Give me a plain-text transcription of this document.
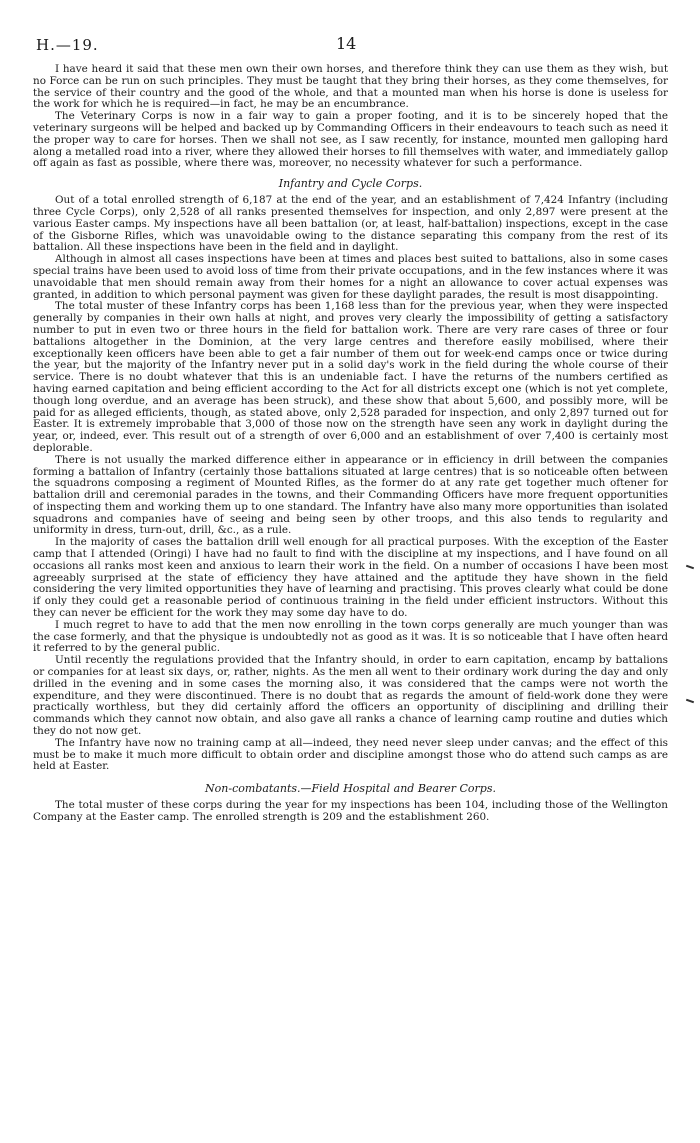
H.—19.	14

I have heard it said that these men own their own horses, and therefore think they can use them as they wish, but no Force can be run on such principles. They must be taught that they bring their horses, as they come themselves, for the service of their country and the good of the whole, and that a mounted man when his horse is done is useless for the work for which he is required—in fact, he may be an encumbrance.

The Veterinary Corps is now in a fair way to gain a proper footing, and it is to be sincerely hoped that the veterinary surgeons will be helped and backed up by Commanding Officers in their endeavours to teach such as need it the proper way to care for horses. Then we shall not see, as I saw recently, for instance, mounted men galloping hard along a metalled road into a river, where they allowed their horses to fill themselves with water, and immediately gallop off again as fast as possible, where there was, moreover, no necessity whatever for such a performance.

Infantry and Cycle Corps.

Out of a total enrolled strength of 6,187 at the end of the year, and an establishment of 7,424 Infantry (including three Cycle Corps), only 2,528 of all ranks presented themselves for inspection, and only 2,897 were present at the various Easter camps. My inspections have all been battalion (or, at least, half-battalion) inspections, except in the case of the Gisborne Rifles, which was unavoidable owing to the distance separating this company from the rest of its battalion. All these inspections have been in the field and in daylight.

Although in almost all cases inspections have been at times and places best suited to battalions, also in some cases special trains have been used to avoid loss of time from their private occupations, and in the few instances where it was unavoidable that men should remain away from their homes for a night an allowance to cover actual expenses was granted, in addition to which personal payment was given for these daylight parades, the result is most disappointing.

The total muster of these Infantry corps has been 1,168 less than for the previous year, when they were inspected generally by companies in their own halls at night, and proves very clearly the impossibility of getting a satisfactory number to put in even two or three hours in the field for battalion work. There are very rare cases of three or four battalions altogether in the Dominion, at the very large centres and therefore easily mobilised, where their exceptionally keen officers have been able to get a fair number of them out for week-end camps once or twice during the year, but the majority of the Infantry never put in a solid day's work in the field during the whole course of their service. There is no doubt whatever that this is an undeniable fact. I have the returns of the numbers certified as having earned capitation and being efficient according to the Act for all districts except one (which is not yet complete, though long overdue, and an average has been struck), and these show that about 5,600, and possibly more, will be paid for as alleged efficients, though, as stated above, only 2,528 paraded for inspection, and only 2,897 turned out for Easter. It is extremely improbable that 3,000 of those now on the strength have seen any work in daylight during the year, or, indeed, ever. This result out of a strength of over 6,000 and an establishment of over 7,400 is certainly most deplorable.

There is not usually the marked difference either in appearance or in efficiency in drill between the companies forming a battalion of Infantry (certainly those battalions situated at large centres) that is so noticeable often between the squadrons composing a regiment of Mounted Rifles, as the former do at any rate get together much oftener for battalion drill and ceremonial parades in the towns, and their Commanding Officers have more frequent opportunities of inspecting them and working them up to one standard. The Infantry have also many more opportunities than isolated squadrons and companies have of seeing and being seen by other troops, and this also tends to regularity and uniformity in dress, turn-out, drill, &c., as a rule.

In the majority of cases the battalion drill well enough for all practical purposes. With the exception of the Easter camp that I attended (Oringi) I have had no fault to find with the discipline at my inspections, and I have found on all occasions all ranks most keen and anxious to learn their work in the field. On a number of occasions I have been most agreeably surprised at the state of efficiency they have attained and the aptitude they have shown in the field considering the very limited opportunities they have of learning and practising. This proves clearly what could be done if only they could get a reasonable period of continuous training in the field under efficient instructors. Without this they can never be efficient for the work they may some day have to do.

I much regret to have to add that the men now enrolling in the town corps generally are much younger than was the case formerly, and that the physique is undoubtedly not as good as it was. It is so noticeable that I have often heard it referred to by the general public.

Until recently the regulations provided that the Infantry should, in order to earn capitation, encamp by battalions or companies for at least six days, or, rather, nights. As the men all went to their ordinary work during the day and only drilled in the evening and in some cases the morning also, it was considered that the camps were not worth the expenditure, and they were discontinued. There is no doubt that as regards the amount of field-work done they were practically worthless, but they did certainly afford the officers an opportunity of disciplining and drilling their commands which they cannot now obtain, and also gave all ranks a chance of learning camp routine and duties which they do not now get.

The Infantry have now no training camp at all—indeed, they need never sleep under canvas; and the effect of this must be to make it much more difficult to obtain order and discipline amongst those who do attend such camps as are held at Easter.

Non-combatants.—Field Hospital and Bearer Corps.

The total muster of these corps during the year for my inspections has been 104, including those of the Wellington Company at the Easter camp. The enrolled strength is 209 and the establishment 260.
